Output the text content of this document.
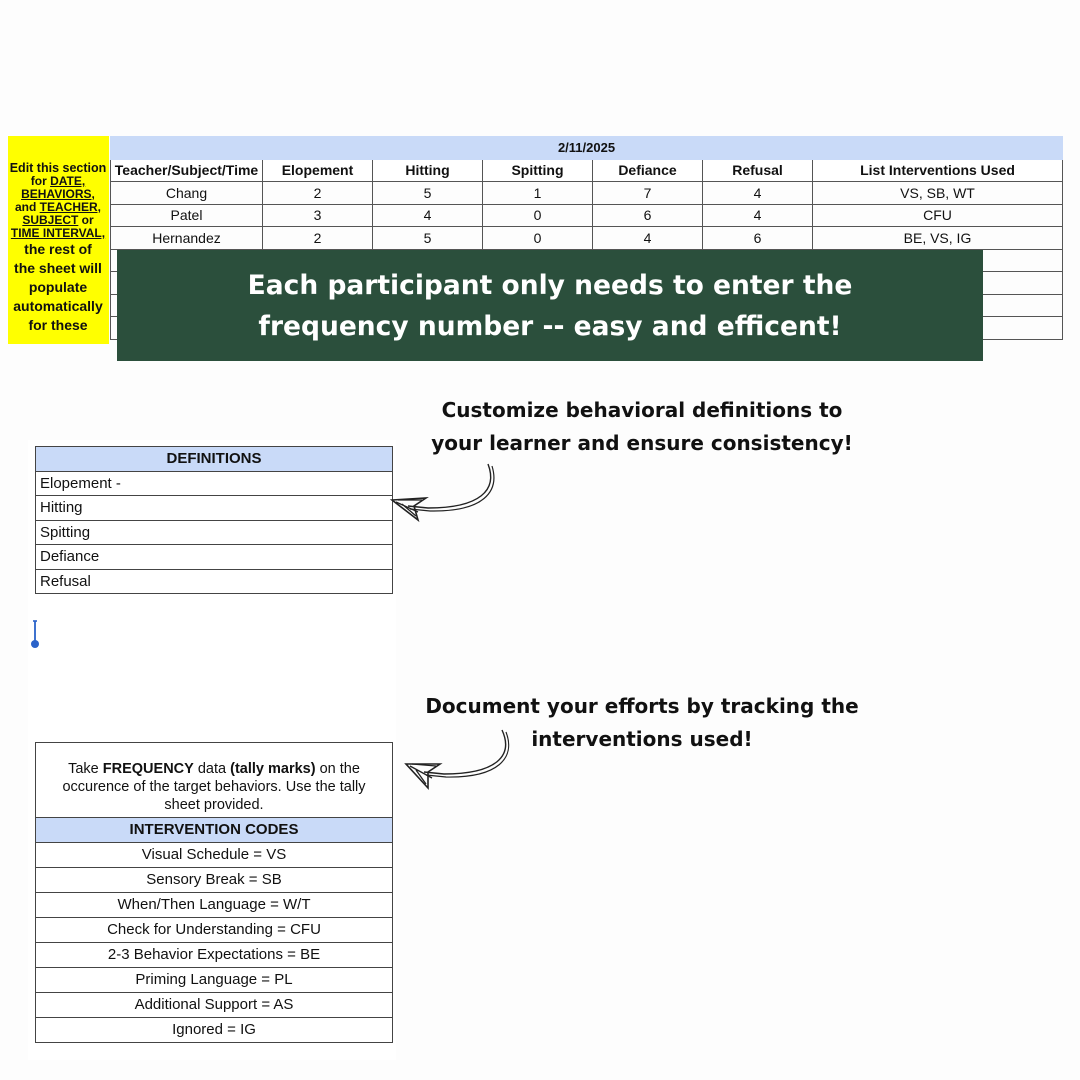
Edit this section
for DATE,
BEHAVIORS,
and TEACHER,
SUBJECT or
TIME INTERVAL,
the rest of
the sheet will
populate
automatically
for these
2/11/2025						
Teacher/Subject/Time	Elopement	Hitting	Spitting	Defiance	Refusal	List Interventions Used
Chang	2	5	1	7	4	VS, SB, WT
Patel	3	4	0	6	4	CFU
Hernandez	2	5	0	4	6	BE, VS, IG

Each participant only needs to enter the frequency number -- easy and efficent!
Customize behavioral definitions to your learner and ensure consistency!
Document your efforts by tracking the interventions used!
DEFINITIONS
Elopement -
Hitting
Spitting
Defiance
Refusal
Take FREQUENCY data (tally marks) on the occurence of the target behaviors. Use the tally sheet provided.
INTERVENTION CODES
Visual Schedule = VS
Sensory Break = SB
When/Then Language = W/T
Check for Understanding = CFU
2-3 Behavior Expectations = BE
Priming Language = PL
Additional Support = AS
Ignored = IG
